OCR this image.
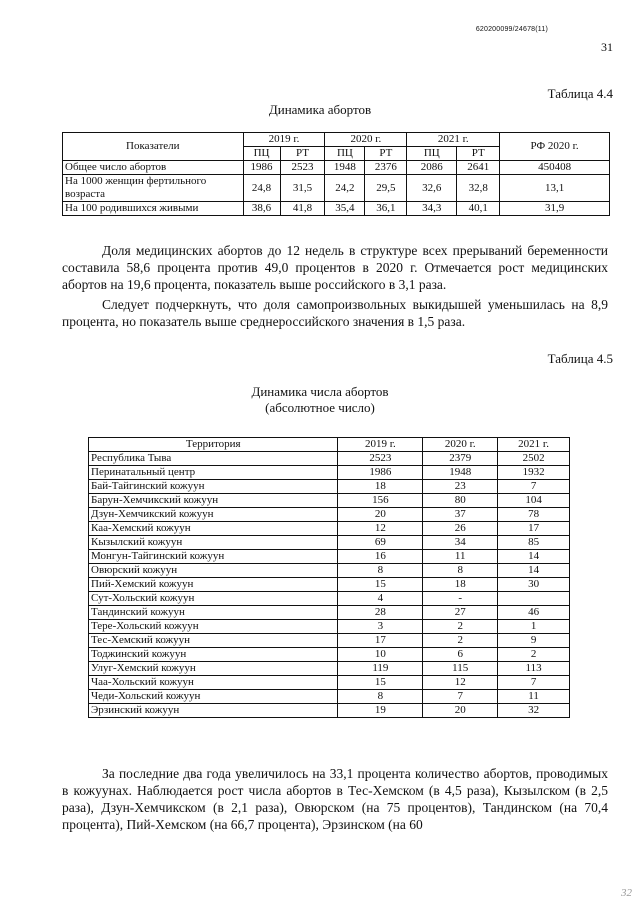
620200099/24678(11)
31
Таблица 4.4
Динамика абортов
Показатели	2019 г.		2020 г.		2021 г.		РФ 2020 г.
	ПЦ	РТ	ПЦ	РТ	ПЦ	РТ	
Общее число абортов	1986	2523	1948	2376	2086	2641	450408
На 1000 женщин фертильного возраста	24,8	31,5	24,2	29,5	32,6	32,8	13,1
На 100 родившихся живыми	38,6	41,8	35,4	36,1	34,3	40,1	31,9

Доля медицинских абортов до 12 недель в структуре всех прерываний беременности составила 58,6 процента против 49,0 процентов в 2020 г. Отмечается рост медицинских абортов на 19,6 процента, показатель выше российского в 3,1 раза.

Следует подчеркнуть, что доля самопроизвольных выкидышей уменьшилась на 8,9 процента, но показатель выше среднероссийского значения в 1,5 раза.

Таблица 4.5
Динамика числа абортов
(абсолютное число)
Территория	2019 г.	2020 г.	2021 г.
Республика Тыва	2523	2379	2502
Перинатальный центр	1986	1948	1932
Бай-Тайгинский кожуун	18	23	7
Барун-Хемчикский кожуун	156	80	104
Дзун-Хемчикский кожуун	20	37	78
Каа-Хемский кожуун	12	26	17
Кызылский кожуун	69	34	85
Монгун-Тайгинский кожуун	16	11	14
Овюрский кожуун	8	8	14
Пий-Хемский кожуун	15	18	30
Сут-Хольский кожуун	4	-	
Тандинский кожуун	28	27	46
Тере-Хольский кожуун	3	2	1
Тес-Хемский кожуун	17	2	9
Тоджинский кожуун	10	6	2
Улуг-Хемский кожуун	119	115	113
Чаа-Хольский кожуун	15	12	7
Чеди-Хольский кожуун	8	7	11
Эрзинский кожуун	19	20	32

За последние два года увеличилось на 33,1 процента количество абортов, проводимых в кожуунах. Наблюдается рост числа абортов в Тес-Хемском (в 4,5 раза), Кызылском (в 2,5 раза), Дзун-Хемчикском (в 2,1 раза), Овюрском (на 75 процентов), Тандинском (на 70,4 процента), Пий-Хемском (на 66,7 процента), Эрзинском (на 60

32
